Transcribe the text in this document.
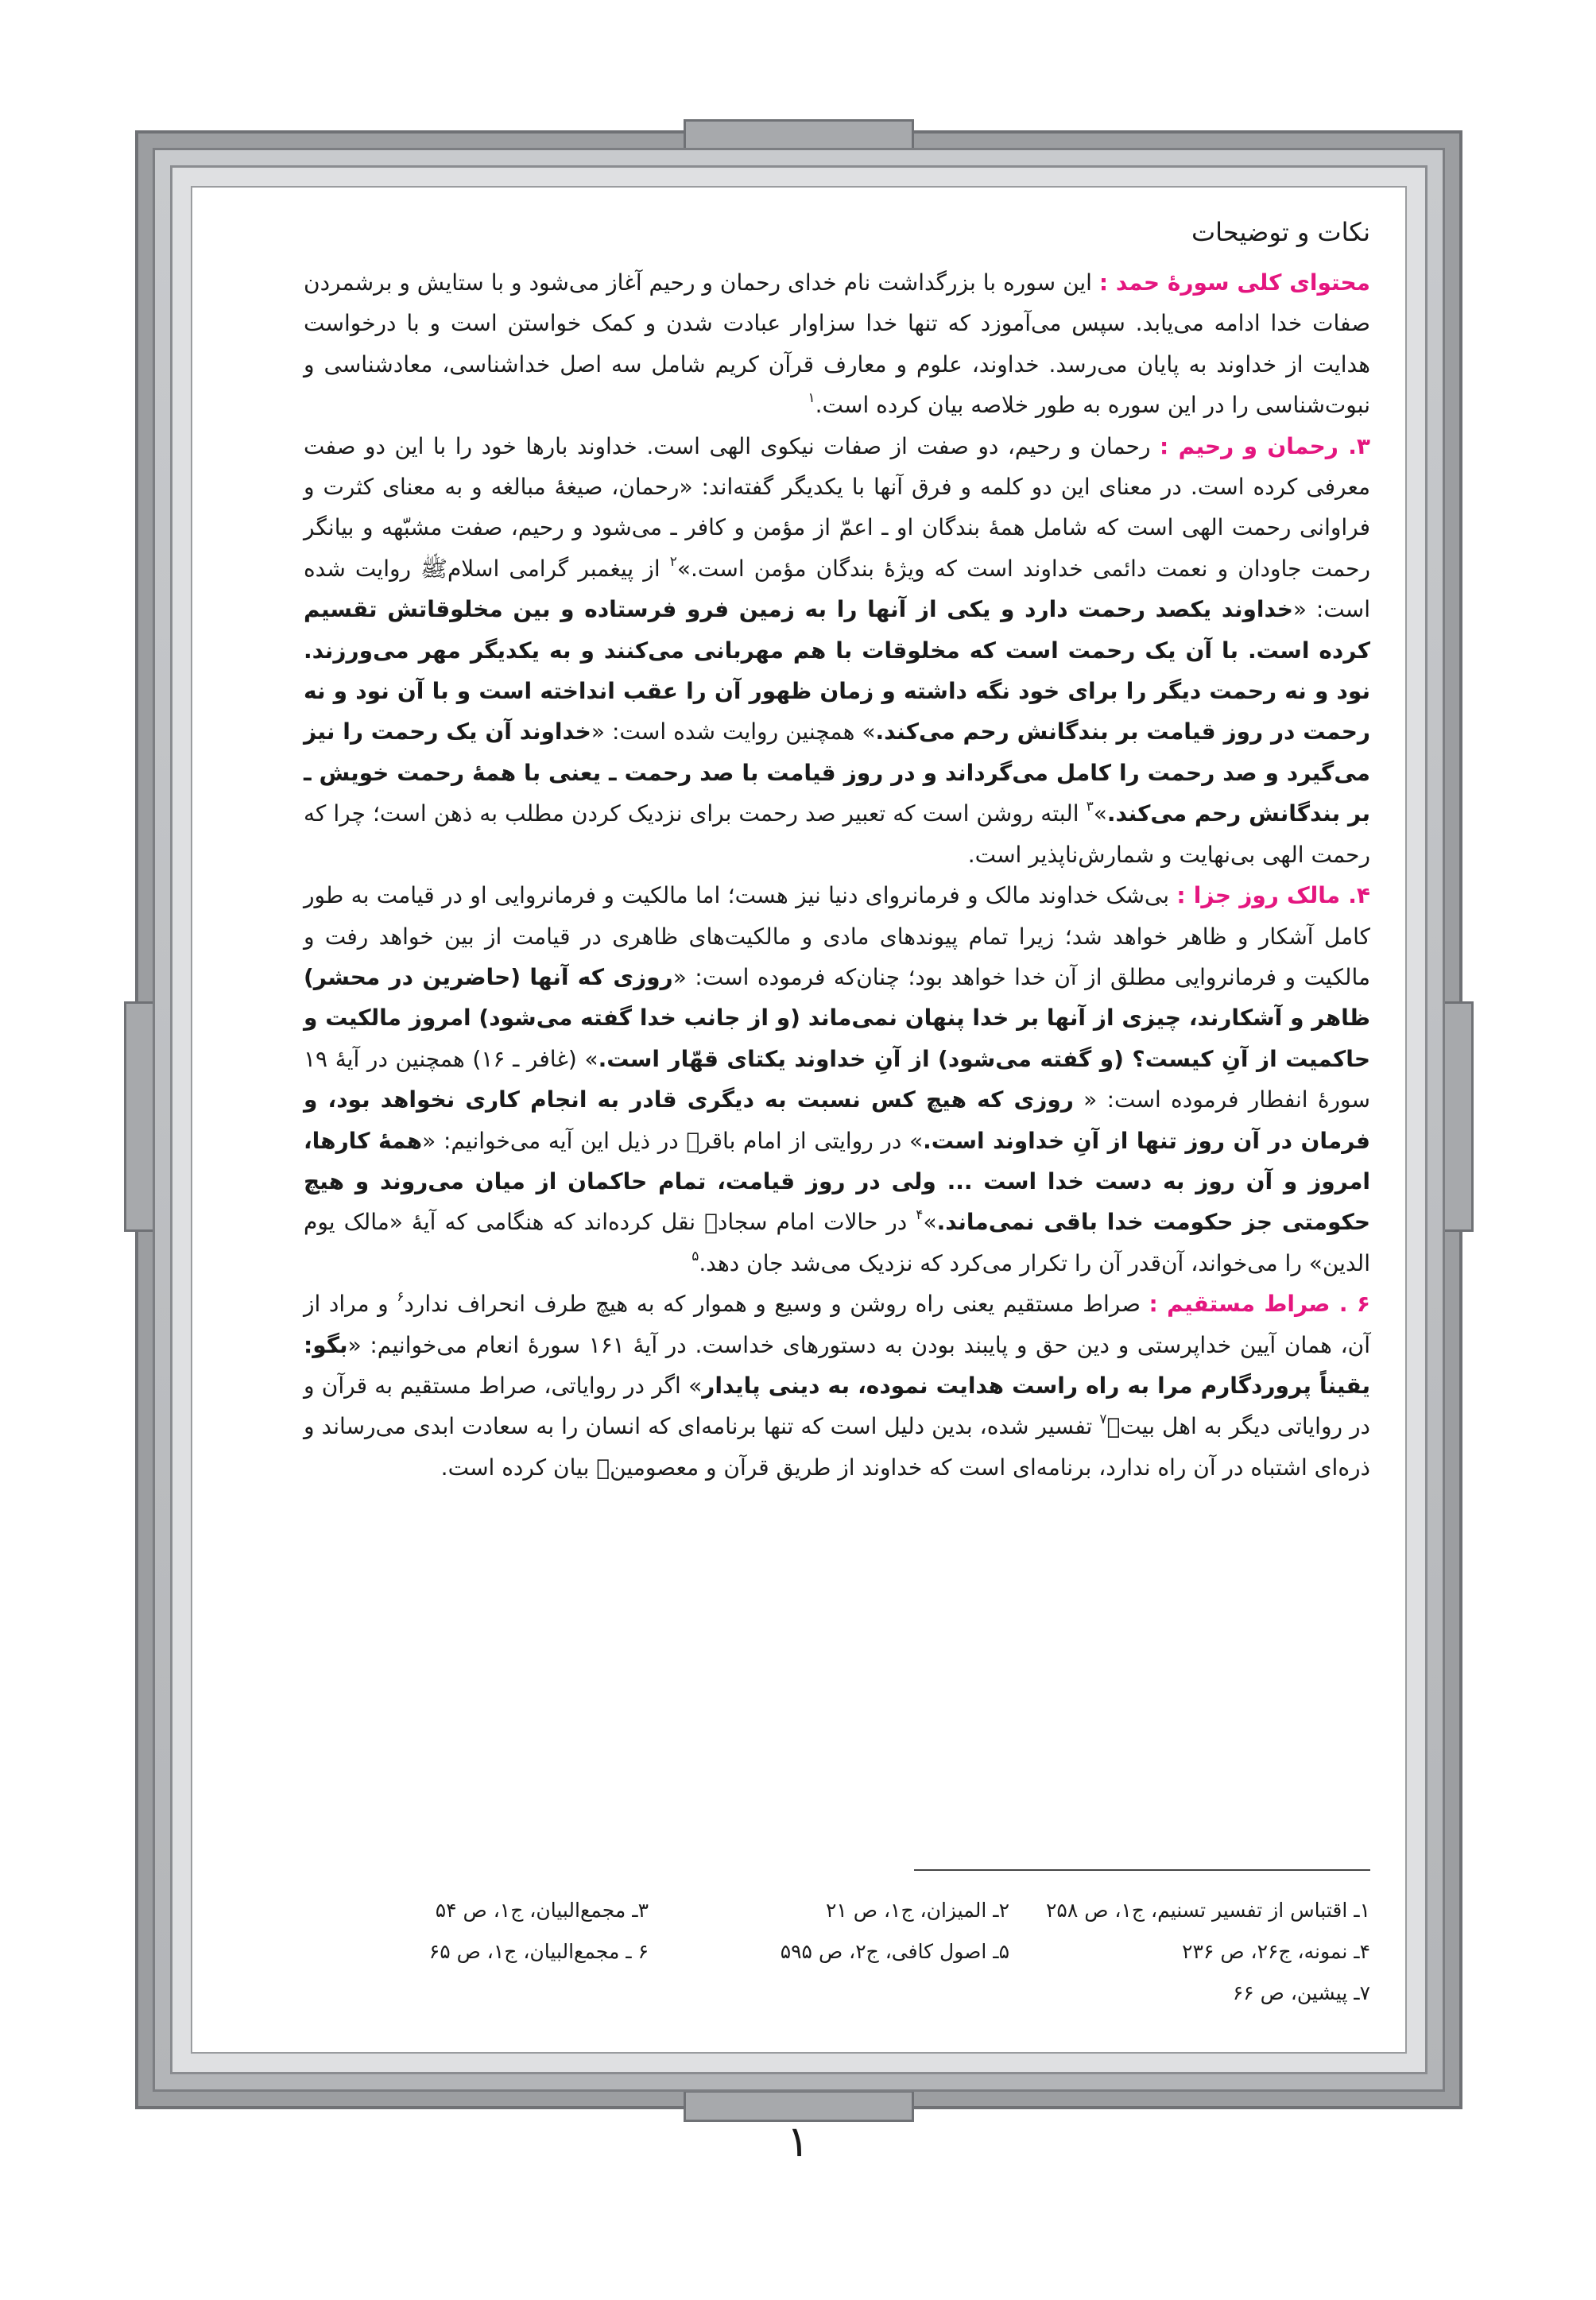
نکات و توضیحات

محتوای کلی سورۀ حمد : این سوره با بزرگداشت نام خدای رحمان و رحیم آغاز می‌شود و با ستایش و برشمردن صفات خدا ادامه می‌یابد. سپس می‌آموزد که تنها خدا سزاوار عبادت شدن و کمک خواستن است و با درخواست هدایت از خداوند به پایان می‌رسد. خداوند، علوم و معارف قرآن کریم شامل سه اصل خداشناسی، معادشناسی و نبوت‌شناسی را در این سوره به طور خلاصه بیان کرده است.$^۱$

۳. رحمان و رحیم : رحمان و رحیم، دو صفت از صفات نیکوی الهی است. خداوند بارها خود را با این دو صفت معرفی کرده است. در معنای این دو کلمه و فرق آنها با یکدیگر گفته‌اند: «رحمان، صیغۀ مبالغه و به معنای کثرت و فراوانی رحمت الهی است که شامل همۀ بندگان او ـ اعمّ از مؤمن و کافر ـ می‌شود و رحیم، صفت مشبّهه و بیانگر رحمت جاودان و نعمت دائمی خداوند است که ویژۀ بندگان مؤمن است.»$^۲$ از پیغمبر گرامی اسلامﷺ روایت شده است: «خداوند یکصد رحمت دارد و یکی از آنها را به زمین فرو فرستاده و بین مخلوقاتش تقسیم کرده است. با آن یک رحمت است که مخلوقات با هم مهربانی می‌کنند و به یکدیگر مهر می‌ورزند. نود و نه رحمت دیگر را برای خود نگه داشته و زمان ظهور آن را عقب انداخته است و با آن نود و نه رحمت در روز قیامت بر بندگانش رحم می‌کند.» همچنین روایت شده است: «خداوند آن یک رحمت را نیز می‌گیرد و صد رحمت را کامل می‌گرداند و در روز قیامت با صد رحمت ـ یعنی با همۀ رحمت خویش ـ بر بندگانش رحم می‌کند.»$^۳$ البته روشن است که تعبیر صد رحمت برای نزدیک کردن مطلب به ذهن است؛ چرا که رحمت الهی بی‌نهایت و شمارش‌ناپذیر است.

۴. مالک روز جزا : بی‌شک خداوند مالک و فرمانروای دنیا نیز هست؛ اما مالکیت و فرمانروایی او در قیامت به طور کامل آشکار و ظاهر خواهد شد؛ زیرا تمام پیوندهای مادی و مالکیت‌های ظاهری در قیامت از بین خواهد رفت و مالکیت و فرمانروایی مطلق از آن خدا خواهد بود؛ چنان‌که فرموده است: «روزی که آنها (حاضرین در محشر) ظاهر و آشکارند، چیزی از آنها بر خدا پنهان نمی‌ماند (و از جانب خدا گفته می‌شود) امروز مالکیت و حاکمیت از آنِ کیست؟ (و گفته می‌شود) از آنِ خداوند یکتای قهّار است.» (غافر ـ ۱۶) همچنین در آیۀ ۱۹ سورۀ انفطار فرموده است: « روزی که هیچ کس نسبت به دیگری قادر به انجام کاری نخواهد بود، و فرمان در آن روز تنها از آنِ خداوند است.» در روایتی از امام باقرؑ در ذیل این آیه می‌خوانیم: «همۀ کارها، امروز و آن روز به دست خدا است ... ولی در روز قیامت، تمام حاکمان از میان می‌روند و هیچ حکومتی جز حکومت خدا باقی نمی‌ماند.»$^۴$ در حالات امام سجادؑ نقل کرده‌اند که هنگامی که آیۀ «مالک یوم الدین» را می‌خواند، آن‌قدر آن را تکرار می‌کرد که نزدیک می‌شد جان دهد.$^۵$

۶ . صراط مستقیم : صراط مستقیم یعنی راه روشن و وسیع و هموار که به هیچ طرف انحراف ندارد$^۶$ و مراد از آن، همان آیین خداپرستی و دین حق و پایبند بودن به دستورهای خداست. در آیۀ ۱۶۱ سورۀ انعام می‌خوانیم: «بگو: یقیناً پروردگارم مرا به راه راست هدایت نموده، به دینی پایدار» اگر در روایاتی، صراط مستقیم به قرآن و در روایاتی دیگر به اهل بیتؑ$^۷$ تفسیر شده، بدین دلیل است که تنها برنامه‌ای که انسان را به سعادت ابدی می‌رساند و ذره‌ای اشتباه در آن راه ندارد، برنامه‌ای است که خداوند از طریق قرآن و معصومینؑ بیان کرده است.

۱ـ اقتباس از تفسیر تسنیم، ج۱، ص ۲۵۸
۲ـ المیزان، ج۱، ص ۲۱
۳ـ مجمع‌البیان، ج۱، ص ۵۴
۴ـ نمونه، ج۲۶، ص ۲۳۶
۵ـ اصول کافی، ج۲، ص ۵۹۵
۶ ـ مجمع‌البیان، ج۱، ص ۶۵
۷ـ پیشین، ص ۶۶
۱
